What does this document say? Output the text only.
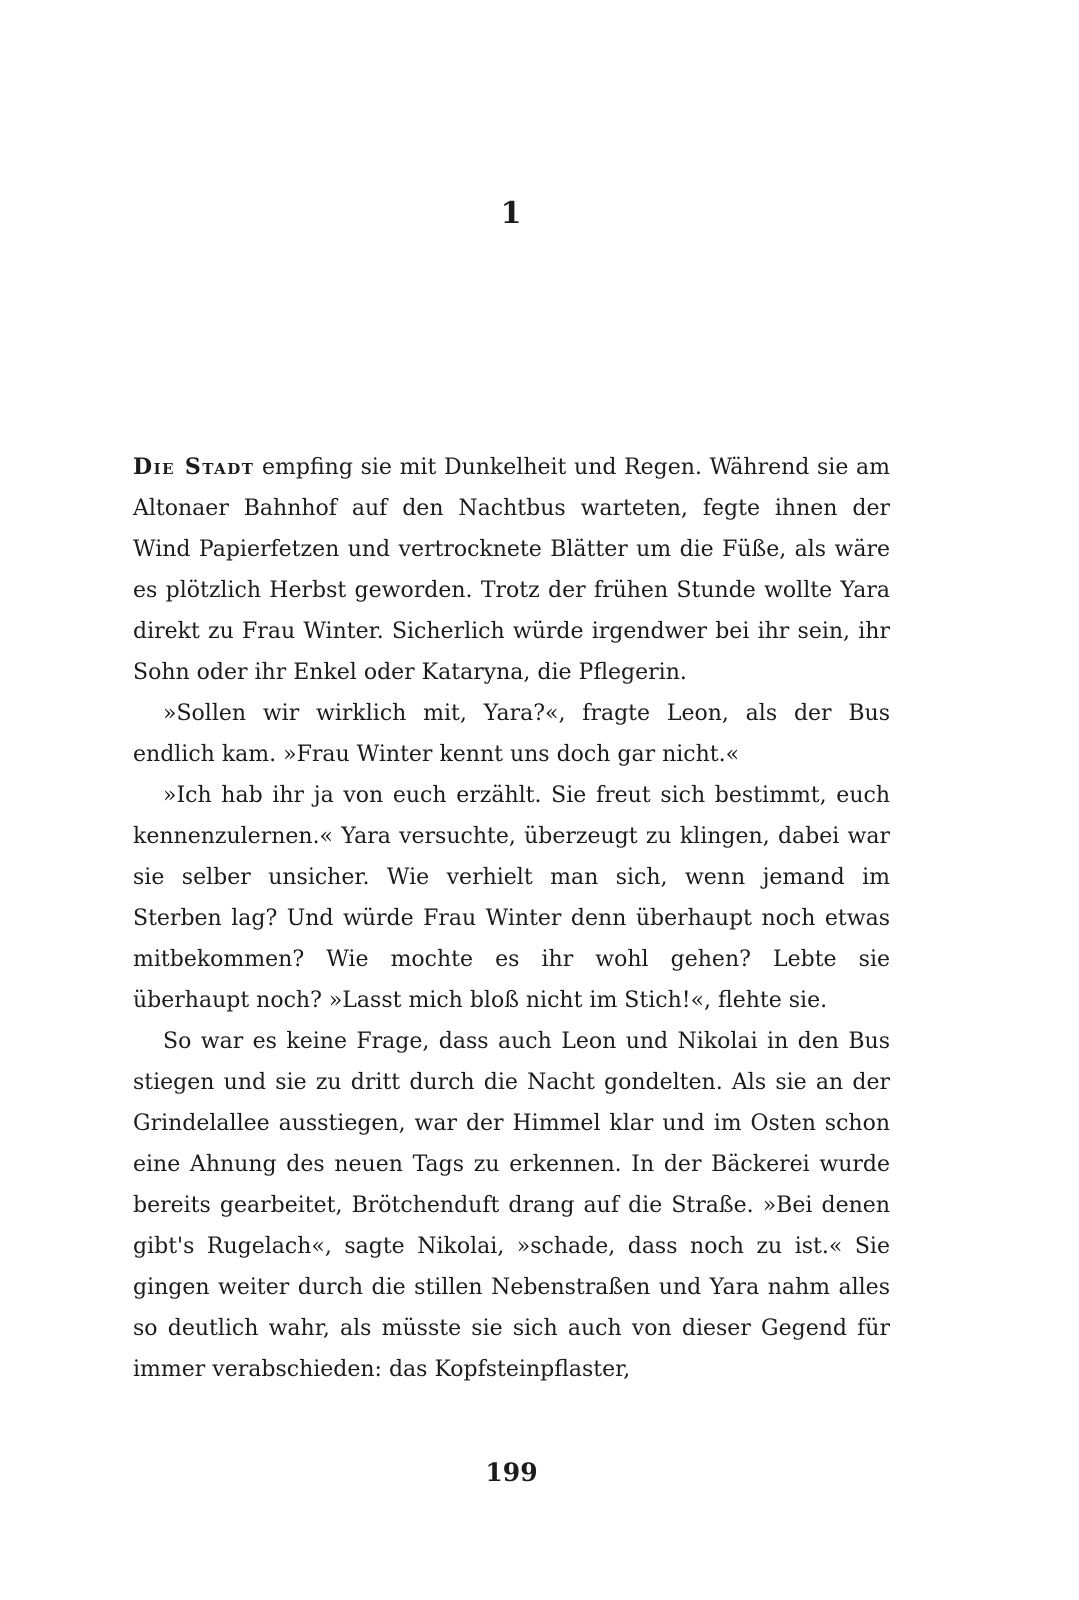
1

Die Stadt empfing sie mit Dunkelheit und Regen. Während sie am Altonaer Bahnhof auf den Nachtbus warteten, fegte ihnen der Wind Papierfetzen und vertrocknete Blätter um die Füße, als wäre es plötzlich Herbst geworden. Trotz der frühen Stunde wollte Yara direkt zu Frau Winter. Sicherlich würde irgendwer bei ihr sein, ihr Sohn oder ihr Enkel oder Kataryna, die Pflegerin.

»Sollen wir wirklich mit, Yara?«, fragte Leon, als der Bus endlich kam. »Frau Winter kennt uns doch gar nicht.«

»Ich hab ihr ja von euch erzählt. Sie freut sich bestimmt, euch kennenzulernen.« Yara versuchte, überzeugt zu klingen, dabei war sie selber unsicher. Wie verhielt man sich, wenn jemand im Sterben lag? Und würde Frau Winter denn überhaupt noch etwas mitbekommen? Wie mochte es ihr wohl gehen? Lebte sie überhaupt noch? »Lasst mich bloß nicht im Stich!«, flehte sie.

So war es keine Frage, dass auch Leon und Nikolai in den Bus stiegen und sie zu dritt durch die Nacht gondelten. Als sie an der Grindelallee ausstiegen, war der Himmel klar und im Osten schon eine Ahnung des neuen Tags zu erkennen. In der Bäckerei wurde bereits gearbeitet, Brötchenduft drang auf die Straße. »Bei denen gibt's Rugelach«, sagte Nikolai, »schade, dass noch zu ist.« Sie gingen weiter durch die stillen Nebenstraßen und Yara nahm alles so deutlich wahr, als müsste sie sich auch von dieser Gegend für immer verabschieden: das Kopfsteinpflaster,

199
